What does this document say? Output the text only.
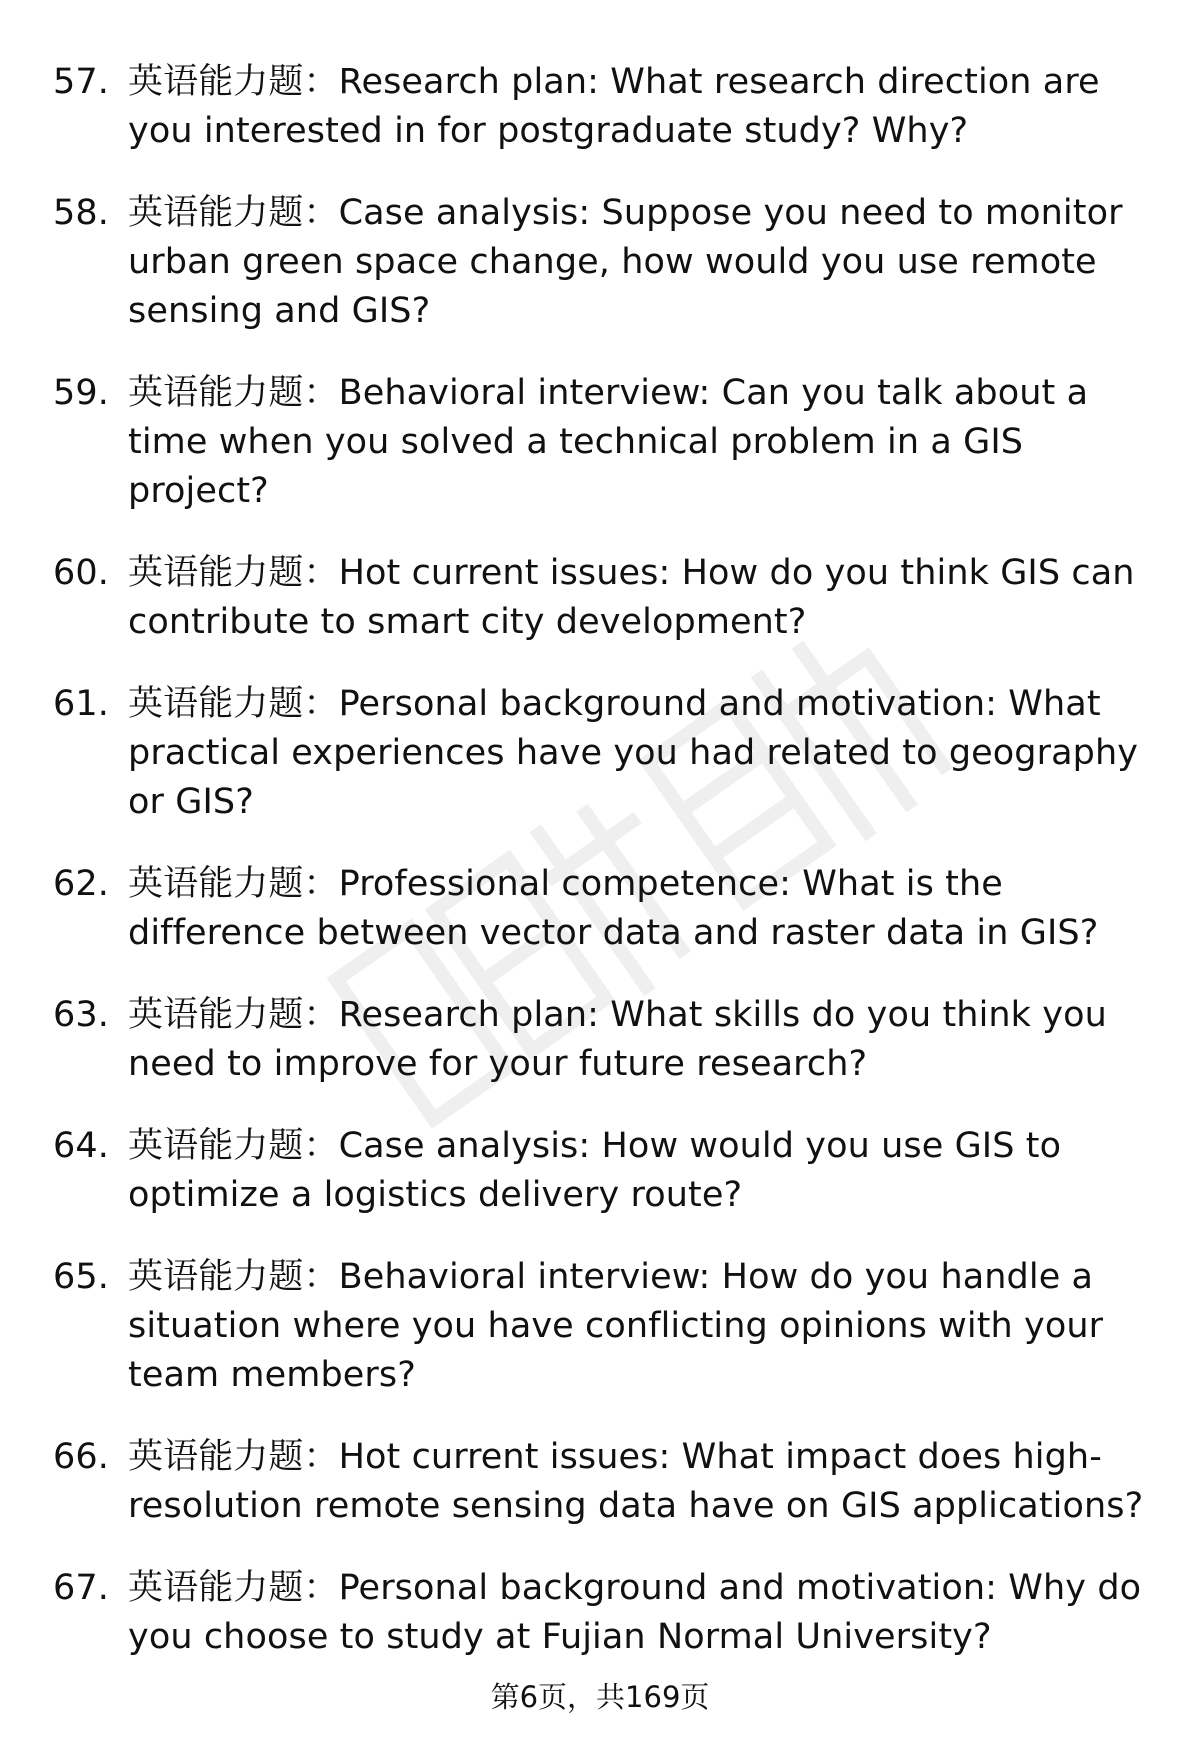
57. 英语能力题：Research plan: What research direction are you interested in for postgraduate study? Why?
58. 英语能力题：Case analysis: Suppose you need to monitor urban green space change, how would you use remote sensing and GIS?
59. 英语能力题：Behavioral interview: Can you talk about a time when you solved a technical problem in a GIS project?
60. 英语能力题：Hot current issues: How do you think GIS can contribute to smart city development?
61. 英语能力题：Personal background and motivation: What practical experiences have you had related to geography or GIS?
62. 英语能力题：Professional competence: What is the difference between vector data and raster data in GIS?
63. 英语能力题：Research plan: What skills do you think you need to improve for your future research?
64. 英语能力题：Case analysis: How would you use GIS to optimize a logistics delivery route?
65. 英语能力题：Behavioral interview: How do you handle a situation where you have conflicting opinions with your team members?
66. 英语能力题：Hot current issues: What impact does high-resolution remote sensing data have on GIS applications?
67. 英语能力题：Personal background and motivation: Why do you choose to study at Fujian Normal University?
第6页，共169页
